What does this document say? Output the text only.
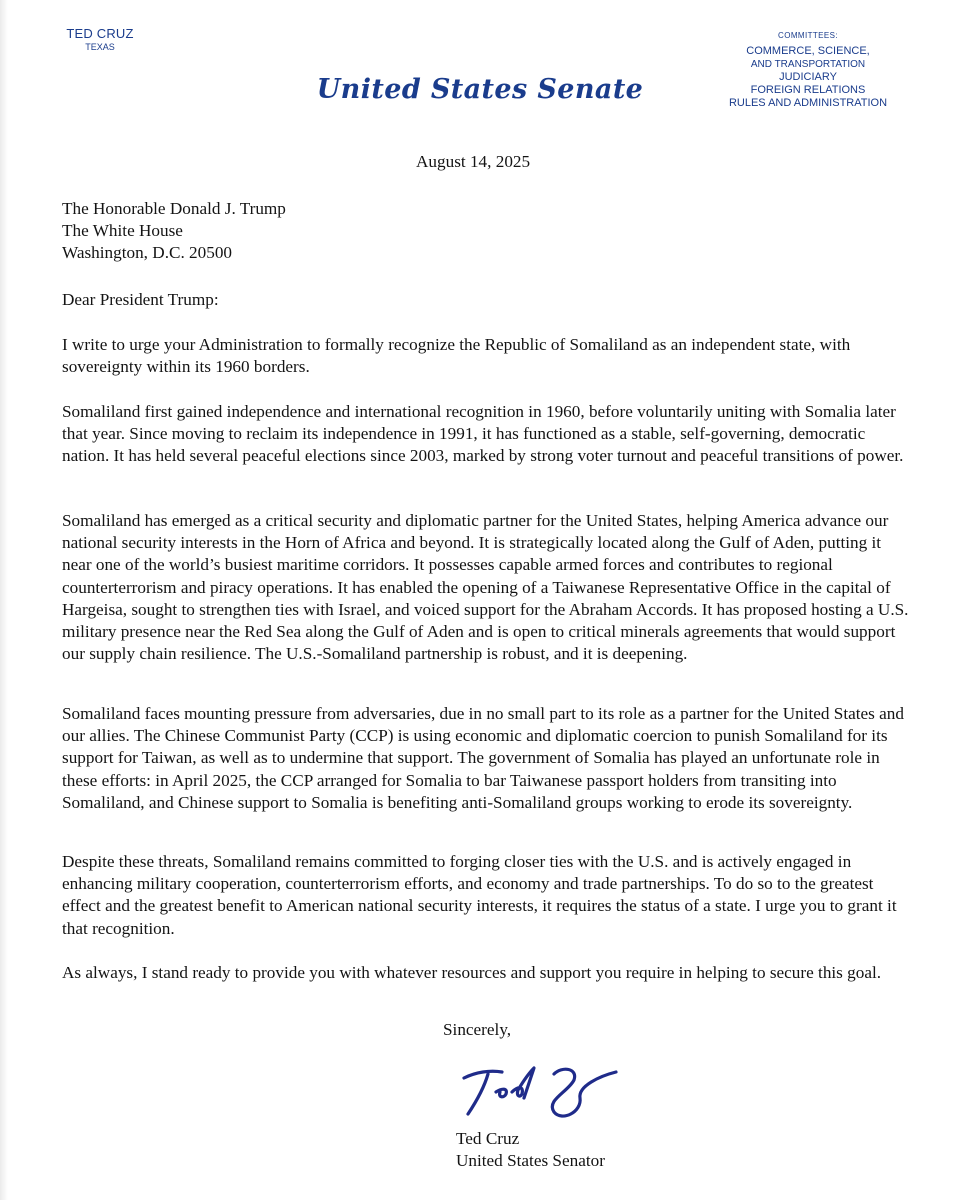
TED CRUZ
TEXAS
United States Senate
COMMITTEES:
COMMERCE, SCIENCE,
AND TRANSPORTATION
JUDICIARY
FOREIGN RELATIONS
RULES AND ADMINISTRATION
August 14, 2025
The Honorable Donald J. Trump
The White House
Washington, D.C. 20500
Dear President Trump:

I write to urge your Administration to formally recognize the Republic of Somaliland as an independent state, with sovereignty within its 1960 borders.

Somaliland first gained independence and international recognition in 1960, before voluntarily uniting with Somalia later that year. Since moving to reclaim its independence in 1991, it has functioned as a stable, self-governing, democratic nation. It has held several peaceful elections since 2003, marked by strong voter turnout and peaceful transitions of power.

Somaliland has emerged as a critical security and diplomatic partner for the United States, helping America advance our national security interests in the Horn of Africa and beyond. It is strategically located along the Gulf of Aden, putting it near one of the world’s busiest maritime corridors. It possesses capable armed forces and contributes to regional counterterrorism and piracy operations. It has enabled the opening of a Taiwanese Representative Office in the capital of Hargeisa, sought to strengthen ties with Israel, and voiced support for the Abraham Accords. It has proposed hosting a U.S. military presence near the Red Sea along the Gulf of Aden and is open to critical minerals agreements that would support our supply chain resilience. The U.S.-Somaliland partnership is robust, and it is deepening.

Somaliland faces mounting pressure from adversaries, due in no small part to its role as a partner for the United States and our allies. The Chinese Communist Party (CCP) is using economic and diplomatic coercion to punish Somaliland for its support for Taiwan, as well as to undermine that support. The government of Somalia has played an unfortunate role in these efforts: in April 2025, the CCP arranged for Somalia to bar Taiwanese passport holders from transiting into Somaliland, and Chinese support to Somalia is benefiting anti-Somaliland groups working to erode its sovereignty.

Despite these threats, Somaliland remains committed to forging closer ties with the U.S. and is actively engaged in enhancing military cooperation, counterterrorism efforts, and economy and trade partnerships. To do so to the greatest effect and the greatest benefit to American national security interests, it requires the status of a state. I urge you to grant it that recognition.

As always, I stand ready to provide you with whatever resources and support you require in helping to secure this goal.

Sincerely,
Ted Cruz
United States Senator
